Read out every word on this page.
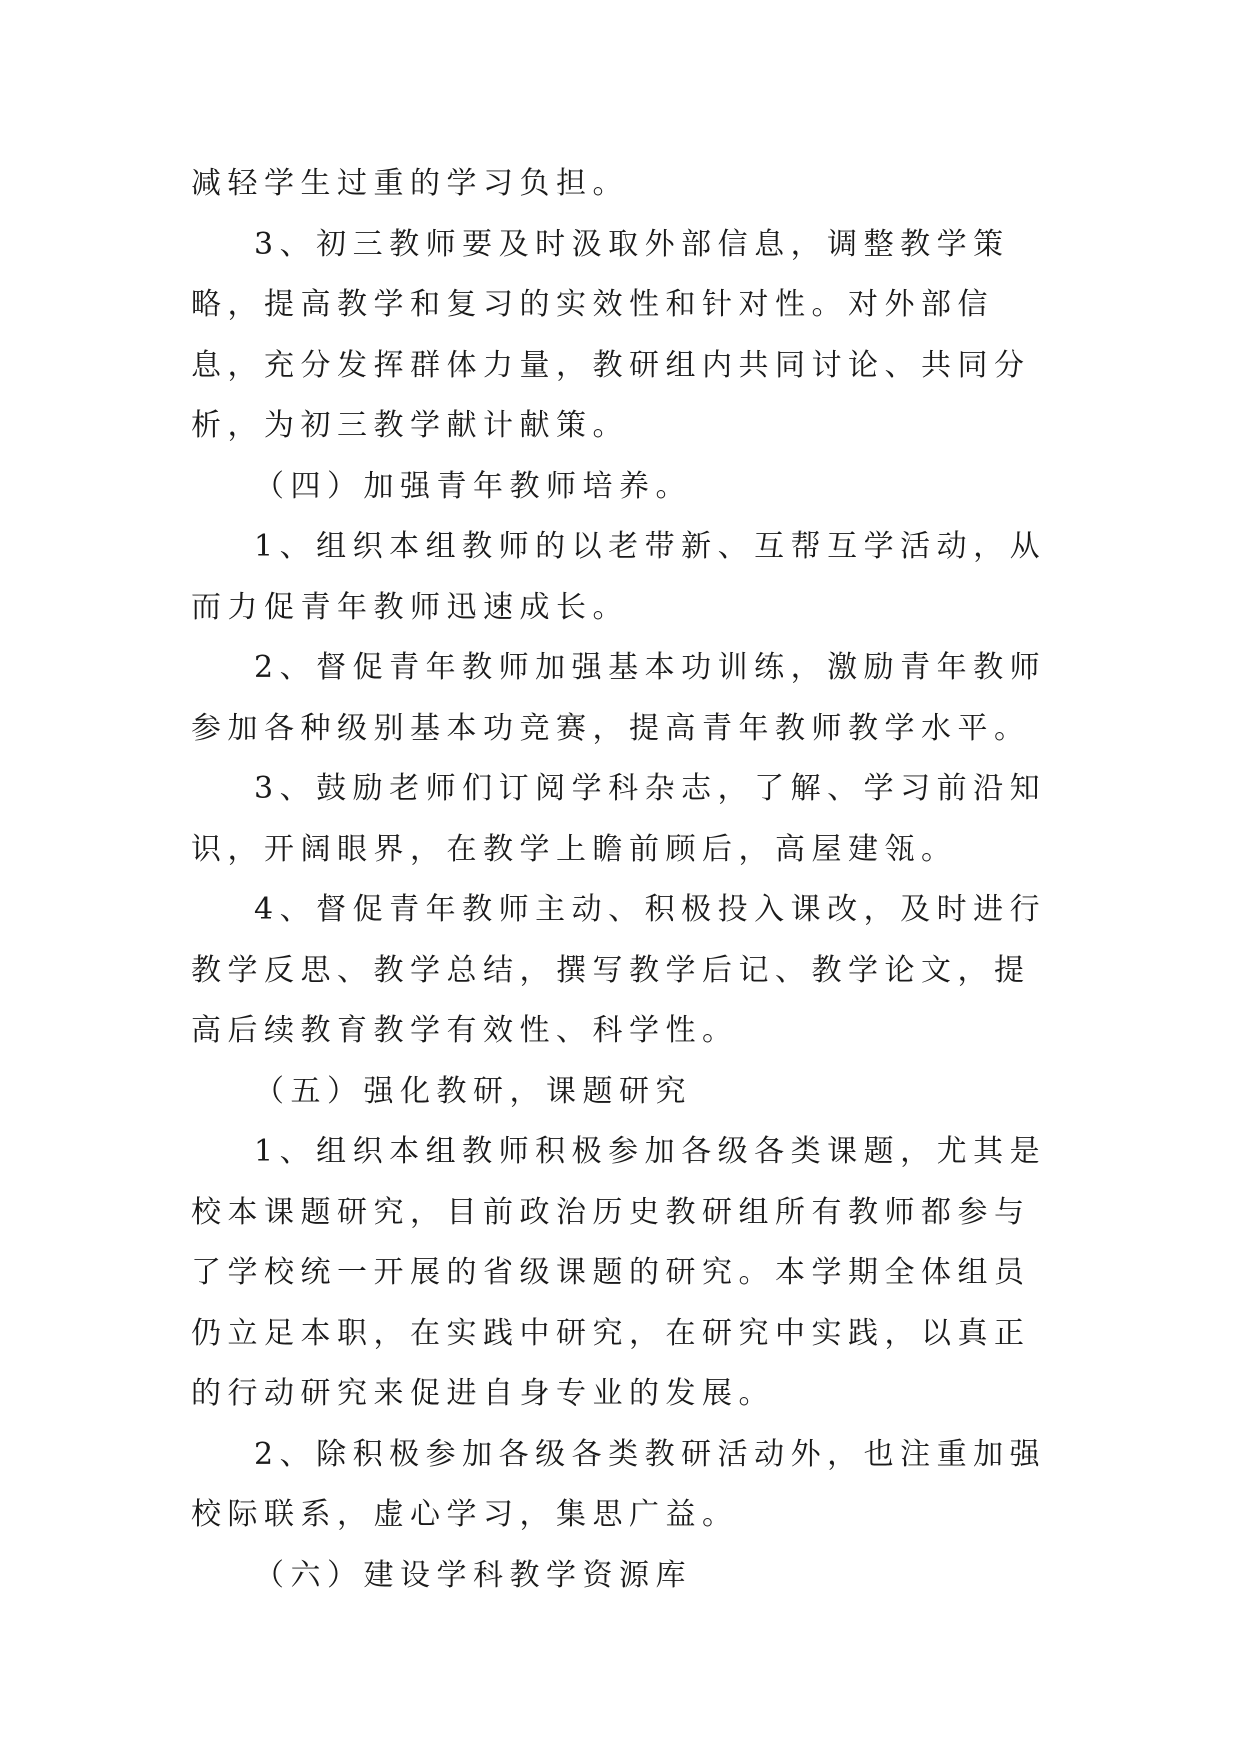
减轻学生过重的学习负担。

3、初三教师要及时汲取外部信息，调整教学策略，提高教学和复习的实效性和针对性。对外部信息，充分发挥群体力量，教研组内共同讨论、共同分析，为初三教学献计献策。

（四）加强青年教师培养。

1、组织本组教师的以老带新、互帮互学活动，从而力促青年教师迅速成长。

2、督促青年教师加强基本功训练，激励青年教师参加各种级别基本功竞赛，提高青年教师教学水平。

3、鼓励老师们订阅学科杂志，了解、学习前沿知识，开阔眼界，在教学上瞻前顾后，高屋建瓴。

4、督促青年教师主动、积极投入课改，及时进行教学反思、教学总结，撰写教学后记、教学论文，提高后续教育教学有效性、科学性。

（五）强化教研，课题研究

1、组织本组教师积极参加各级各类课题，尤其是校本课题研究，目前政治历史教研组所有教师都参与了学校统一开展的省级课题的研究。本学期全体组员仍立足本职，在实践中研究，在研究中实践，以真正的行动研究来促进自身专业的发展。

2、除积极参加各级各类教研活动外，也注重加强校际联系，虚心学习，集思广益。

（六）建设学科教学资源库
